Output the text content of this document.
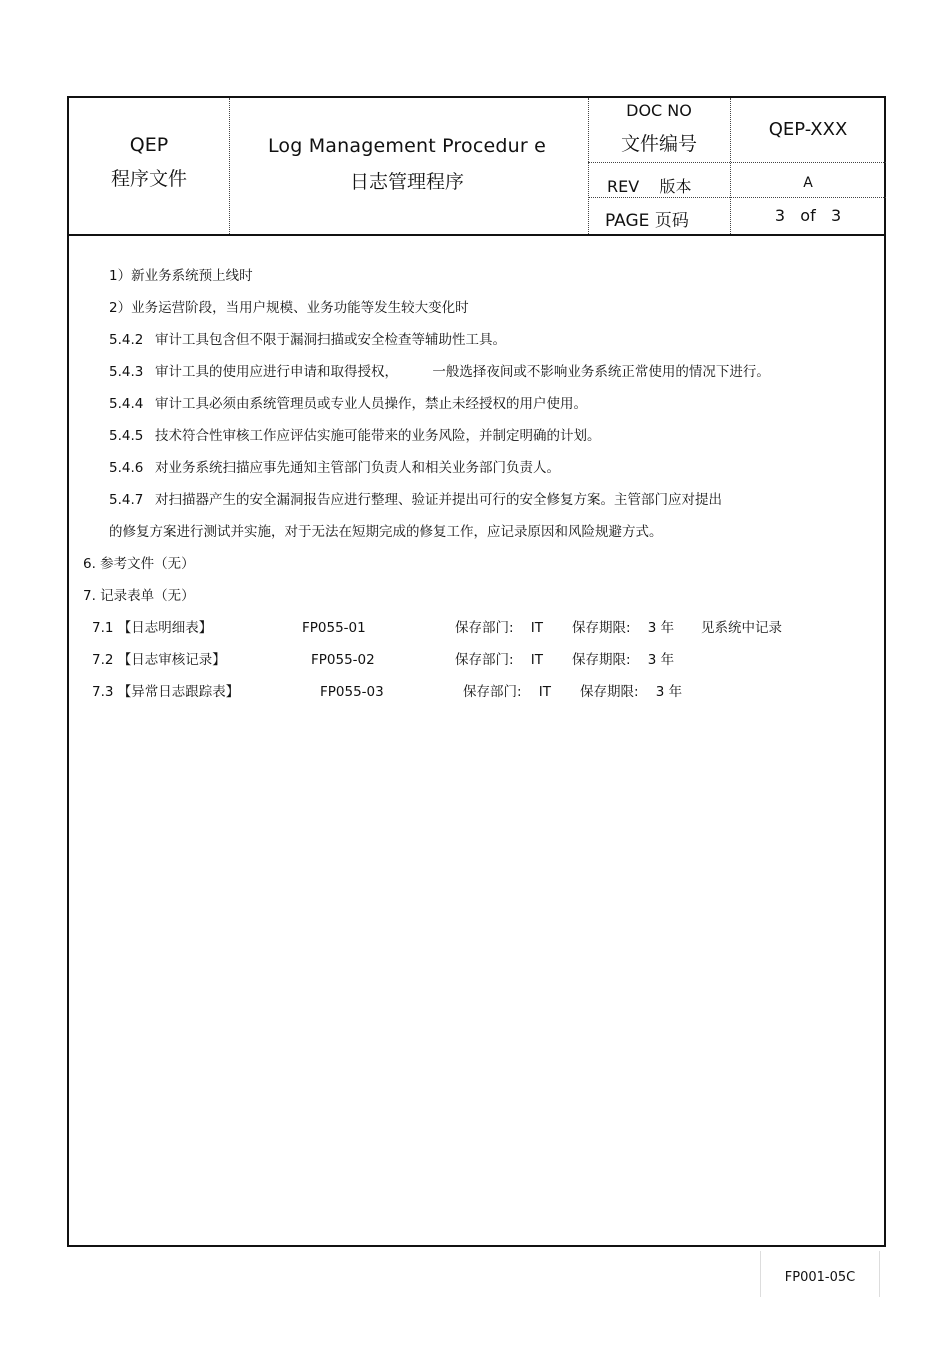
QEP
程序文件
Log Management Procedur e
日志管理程序
DOC NO
文件编号
QEP-XXX
REV    版本	A
PAGE 页码	3   of   3
1）新业务系统预上线时
2）业务运营阶段，当用户规模、业务功能等发生较大变化时
5.4.2 审计工具包含但不限于漏洞扫描或安全检查等辅助性工具。
5.4.3 审计工具的使用应进行申请和取得授权，        一般选择夜间或不影响业务系统正常使用的情况下进行。
5.4.4 审计工具必须由系统管理员或专业人员操作，禁止未经授权的用户使用。
5.4.5 技术符合性审核工作应评估实施可能带来的业务风险，并制定明确的计划。
5.4.6 对业务系统扫描应事先通知主管部门负责人和相关业务部门负责人。
5.4.7 对扫描器产生的安全漏洞报告应进行整理、验证并提出可行的安全修复方案。主管部门应对提出
的修复方案进行测试并实施，对于无法在短期完成的修复工作，应记录原因和风险规避方式。
6. 参考文件（无）
7. 记录表单（无）
7.1 【日志明细表】	FP055-01	保存部门:    IT 保存期限:    3 年 见系统中记录
7.2 【日志审核记录】	FP055-02	保存部门:    IT 保存期限:    3 年
7.3 【异常日志跟踪表】	FP055-03	保存部门:    IT 保存期限:    3 年
FP001-05C
